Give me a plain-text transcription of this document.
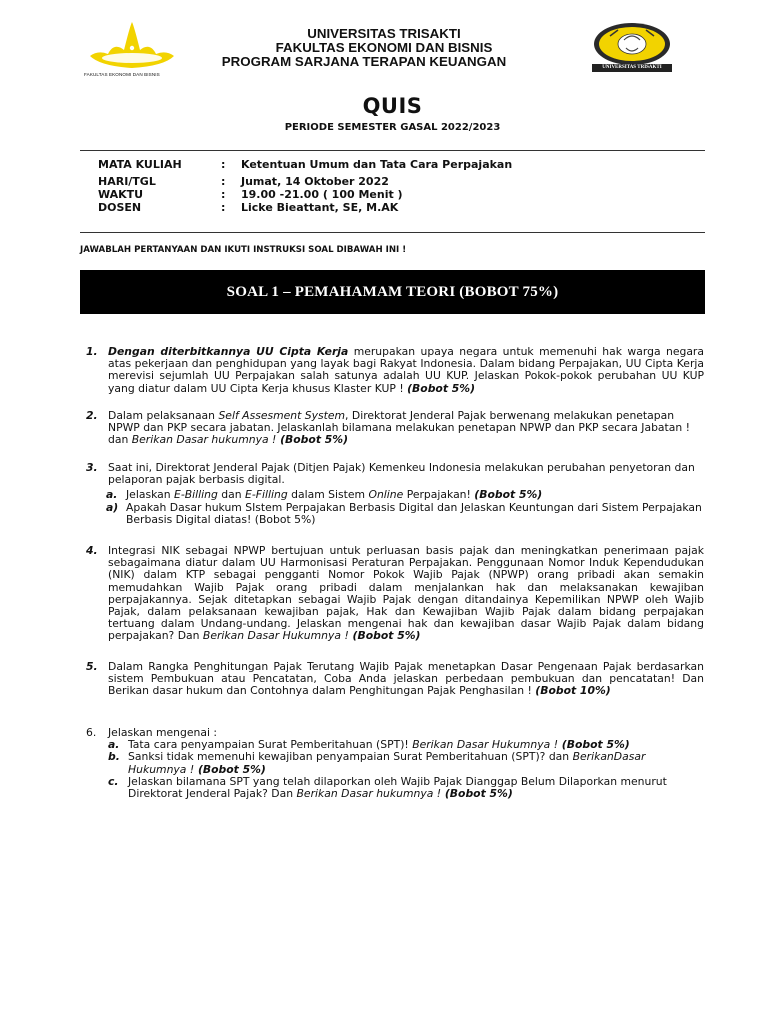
FAKULTAS EKONOMI DAN BISNIS
UNIVERSITAS TRISAKTI
UNIVERSITAS TRISAKTI
FAKULTAS EKONOMI DAN BISNIS
PROGRAM SARJANA TERAPAN KEUANGAN
QUIS
PERIODE SEMESTER GASAL 2022/2023
MATA KULIAH	:	Ketentuan Umum dan Tata Cara Perpajakan
HARI/TGL	:	Jumat, 14 Oktober 2022
WAKTU	:	19.00 -21.00 ( 100 Menit )
DOSEN	:	Licke Bieattant, SE, M.AK
JAWABLAH PERTANYAAN DAN IKUTI INSTRUKSI SOAL DIBAWAH INI !
SOAL 1 – PEMAHAMAM TEORI (BOBOT 75%)
1. Dengan diterbitkannya UU Cipta Kerja merupakan upaya negara untuk memenuhi hak warga negara atas pekerjaan dan penghidupan yang layak bagi Rakyat Indonesia. Dalam bidang Perpajakan, UU Cipta Kerja merevisi sejumlah UU Perpajakan salah satunya adalah UU KUP. Jelaskan Pokok-pokok perubahan UU KUP yang diatur dalam UU Cipta Kerja khusus Klaster KUP ! (Bobot 5%)
2. Dalam pelaksanaan Self Assesment System, Direktorat Jenderal Pajak berwenang melakukan penetapan NPWP dan PKP secara jabatan. Jelaskanlah bilamana melakukan penetapan NPWP dan PKP secara Jabatan ! dan Berikan Dasar hukumnya ! (Bobot 5%)
3. Saat ini, Direktorat Jenderal Pajak (Ditjen Pajak) Kemenkeu Indonesia melakukan perubahan penyetoran dan pelaporan pajak berbasis digital.
a. Jelaskan E-Billing dan E-Filling dalam Sistem Online Perpajakan! (Bobot 5%)
a) Apakah Dasar hukum SIstem Perpajakan Berbasis Digital dan Jelaskan Keuntungan dari Sistem Perpajakan Berbasis Digital diatas! (Bobot 5%)
4. Integrasi NIK sebagai NPWP bertujuan untuk perluasan basis pajak dan meningkatkan penerimaan pajak sebagaimana diatur dalam UU Harmonisasi Peraturan Perpajakan. Penggunaan Nomor Induk Kependudukan (NIK) dalam KTP sebagai pengganti Nomor Pokok Wajib Pajak (NPWP) orang pribadi akan semakin memudahkan Wajib Pajak orang pribadi dalam menjalankan hak dan melaksanakan kewajiban perpajakannya. Sejak ditetapkan sebagai Wajib Pajak dengan ditandainya Kepemilikan NPWP oleh Wajib Pajak, dalam pelaksanaan kewajiban pajak, Hak dan Kewajiban Wajib Pajak dalam bidang perpajakan tertuang dalam Undang-undang. Jelaskan mengenai hak dan kewajiban dasar Wajib Pajak dalam bidang perpajakan? Dan Berikan Dasar Hukumnya ! (Bobot 5%)
5. Dalam Rangka Penghitungan Pajak Terutang Wajib Pajak menetapkan Dasar Pengenaan Pajak berdasarkan sistem Pembukuan atau Pencatatan, Coba Anda jelaskan perbedaan pembukuan dan pencatatan! Dan Berikan dasar hukum dan Contohnya dalam Penghitungan Pajak Penghasilan ! (Bobot 10%)
6.	Jelaskan mengenai :
a. Tata cara penyampaian Surat Pemberitahuan (SPT)! Berikan Dasar Hukumnya ! (Bobot 5%)
b. Sanksi tidak memenuhi kewajiban penyampaian Surat Pemberitahuan (SPT)? dan BerikanDasar Hukumnya ! (Bobot 5%)
c. Jelaskan bilamana SPT yang telah dilaporkan oleh Wajib Pajak Dianggap Belum Dilaporkan menurut Direktorat Jenderal Pajak? Dan Berikan Dasar hukumnya ! (Bobot 5%)
